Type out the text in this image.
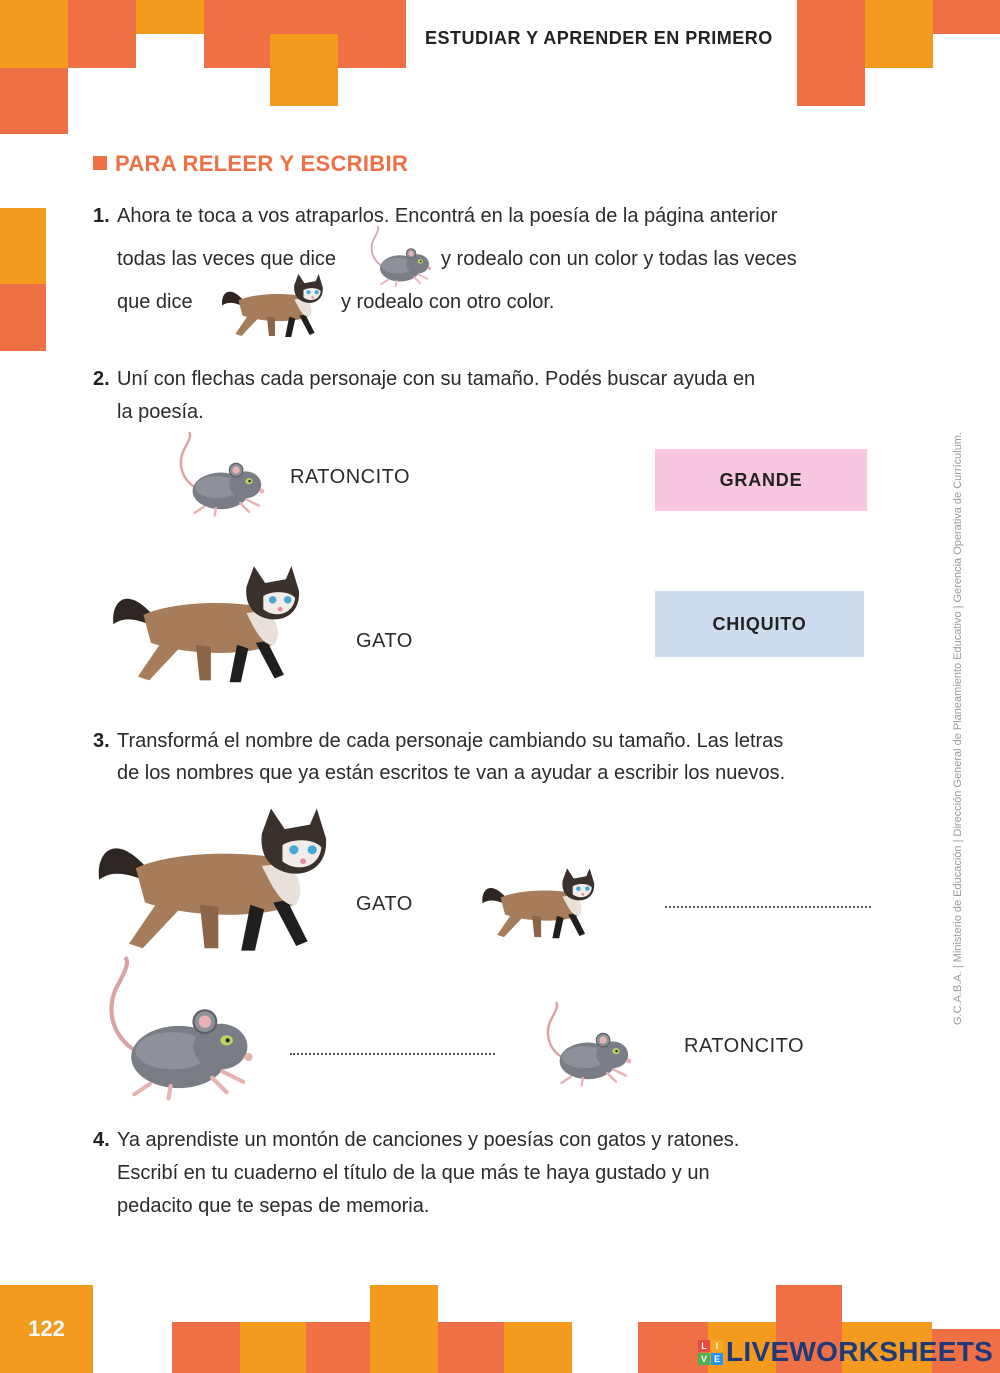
ESTUDIAR Y APRENDER EN PRIMERO
PARA RELEER Y ESCRIBIR
1. Ahora te toca a vos atraparlos. Encontrá en la poesía de la página anterior
todas las veces que dice	y rodealo con un color y todas las veces
que dice	y rodealo con otro color.
2. Uní con flechas cada personaje con su tamaño. Podés buscar ayuda en
la poesía.
RATONCITO
GATO
GRANDE
CHIQUITO
3. Transformá el nombre de cada personaje cambiando su tamaño. Las letras
de los nombres que ya están escritos te van a ayudar a escribir los nuevos.
GATO
RATONCITO
4. Ya aprendiste un montón de canciones y poesías con gatos y ratones.
Escribí en tu cuaderno el título de la que más te haya gustado y un
pedacito que te sepas de memoria.
G.C.A.B.A. | Ministerio de Educación | Dirección General de Planeamiento Educativo | Gerencia Operativa de Currículum.
122
L I
V E LIVEWORKSHEETS
